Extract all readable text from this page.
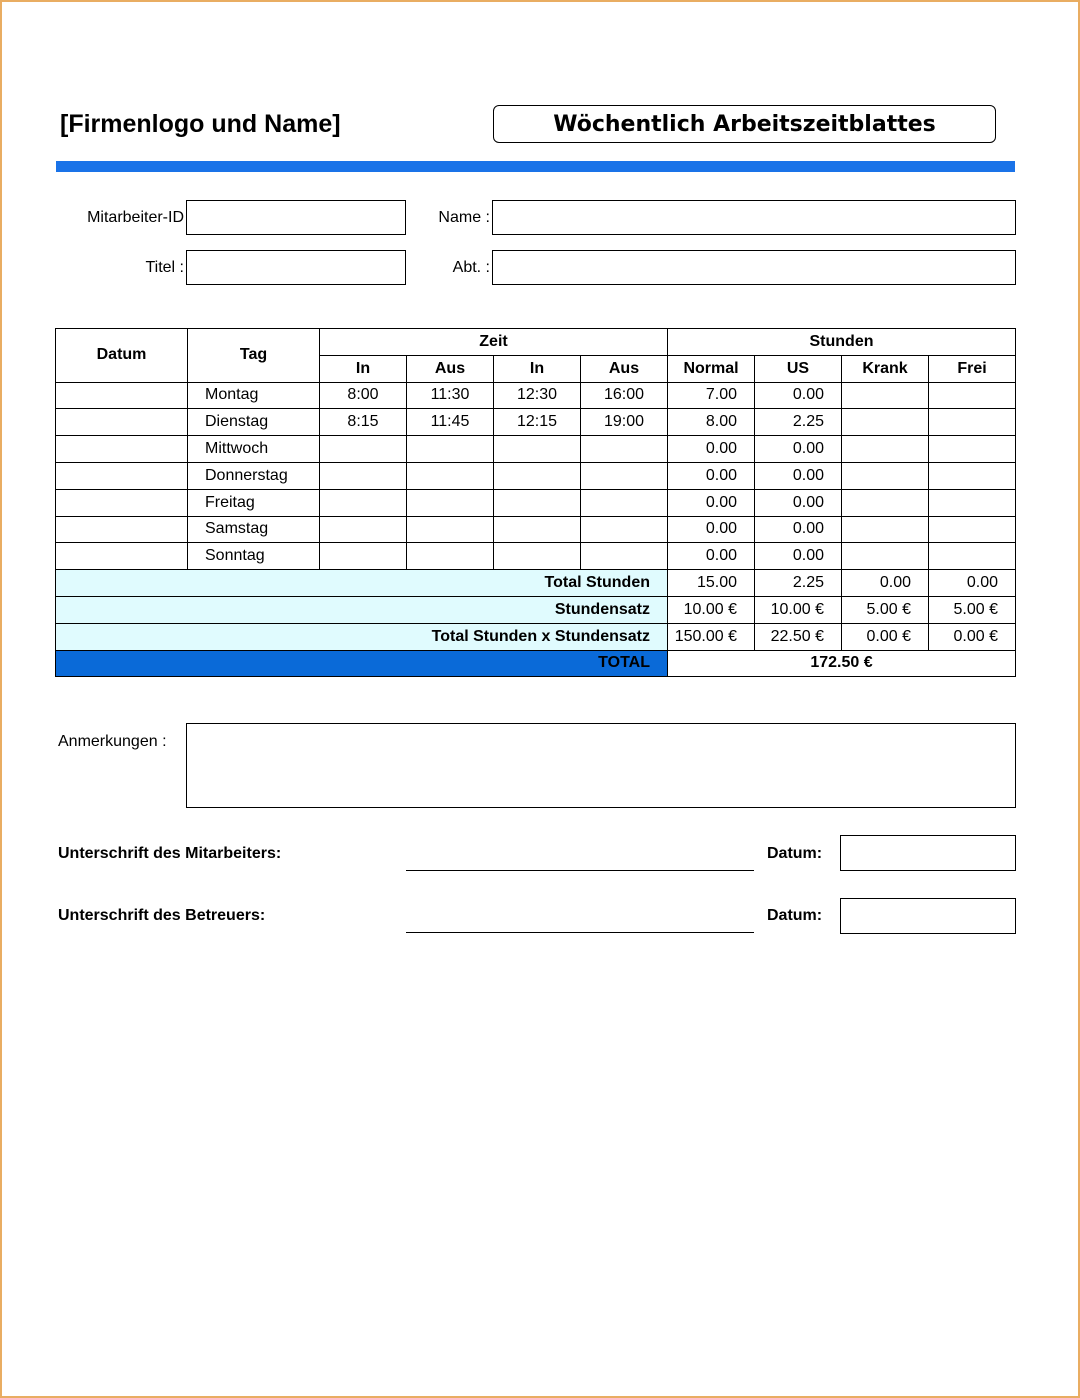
[Firmenlogo und Name]	Wöchentlich Arbeitszeitblattes
Mitarbeiter-ID	Name :
Titel :	Abt. :
Datum	Tag	Zeit				Stunden			
		In	Aus	In	Aus	Normal	US	Krank	Frei
	Montag	8:00	11:30	12:30	16:00	7.00	0.00		
	Dienstag	8:15	11:45	12:15	19:00	8.00	2.25		
	Mittwoch					0.00	0.00		
	Donnerstag					0.00	0.00		
	Freitag					0.00	0.00		
	Samstag					0.00	0.00		
	Sonntag					0.00	0.00		
Total Stunden						15.00	2.25	0.00	0.00
Stundensatz						10.00 €	10.00 €	5.00 €	5.00 €
Total Stunden x Stundensatz						150.00 €	22.50 €	0.00 €	0.00 €
TOTAL						172.50 €			
Anmerkungen :
Unterschrift des Mitarbeiters:	Datum:
Unterschrift des Betreuers:	Datum:
